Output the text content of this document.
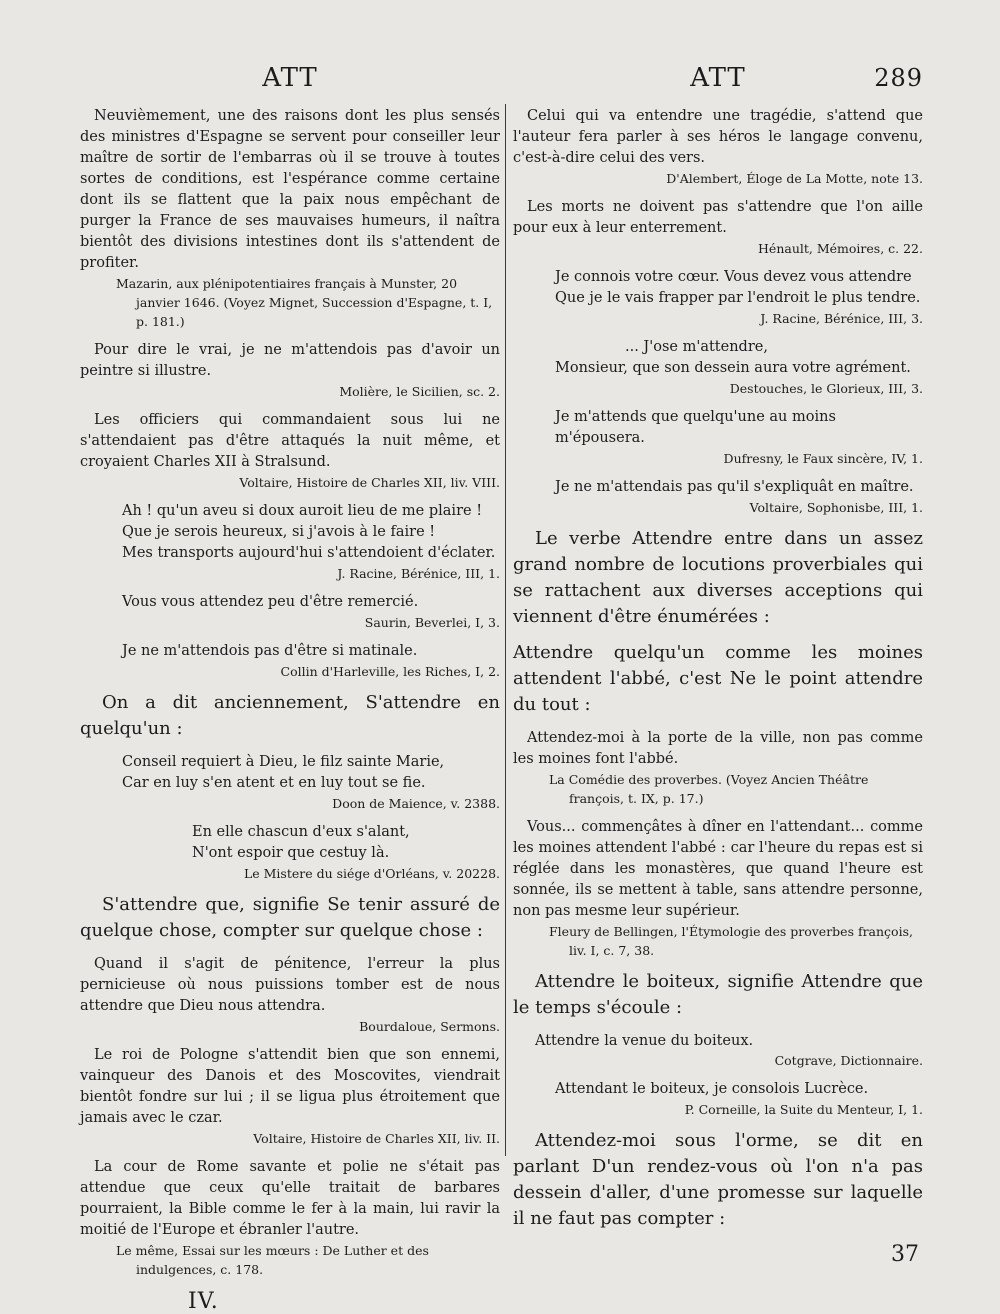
ATT

Neuvièmement, une des raisons dont les plus sensés des ministres d'Espagne se servent pour conseiller leur maître de sortir de l'embarras où il se trouve à toutes sortes de conditions, est l'espérance comme certaine dont ils se flattent que la paix nous empêchant de purger la France de ses mauvaises humeurs, il naîtra bientôt des divisions intestines dont ils s'attendent de profiter.

Mazarin, aux plénipotentiaires français à Munster, 20 janvier 1646. (Voyez Mignet, Succession d'Espagne, t. I, p. 181.)

Pour dire le vrai, je ne m'attendois pas d'avoir un peintre si illustre.

Molière, le Sicilien, sc. 2.

Les officiers qui commandaient sous lui ne s'attendaient pas d'être attaqués la nuit même, et croyaient Charles XII à Stralsund.

Voltaire, Histoire de Charles XII, liv. VIII.

Ah ! qu'un aveu si doux auroit lieu de me plaire !
Que je serois heureux, si j'avois à le faire !
Mes transports aujourd'hui s'attendoient d'éclater.

J. Racine, Bérénice, III, 1.

Vous vous attendez peu d'être remercié.

Saurin, Beverlei, I, 3.

Je ne m'attendois pas d'être si matinale.

Collin d'Harleville, les Riches, I, 2.

On a dit anciennement, S'attendre en quelqu'un :

Conseil requiert à Dieu, le filz sainte Marie,
Car en luy s'en atent et en luy tout se fie.

Doon de Maience, v. 2388.

En elle chascun d'eux s'alant,
N'ont espoir que cestuy là.

Le Mistere du siége d'Orléans, v. 20228.

S'attendre que, signifie Se tenir assuré de quelque chose, compter sur quelque chose :

Quand il s'agit de pénitence, l'erreur la plus pernicieuse où nous puissions tomber est de nous attendre que Dieu nous attendra.

Bourdaloue, Sermons.

Le roi de Pologne s'attendit bien que son ennemi, vainqueur des Danois et des Moscovites, viendrait bientôt fondre sur lui ; il se ligua plus étroitement que jamais avec le czar.

Voltaire, Histoire de Charles XII, liv. II.

La cour de Rome savante et polie ne s'était pas attendue que ceux qu'elle traitait de barbares pourraient, la Bible comme le fer à la main, lui ravir la moitié de l'Europe et ébranler l'autre.

Le même, Essai sur les mœurs : De Luther et des indulgences, c. 178.

IV.
ATT	289

Celui qui va entendre une tragédie, s'attend que l'auteur fera parler à ses héros le langage convenu, c'est-à-dire celui des vers.

D'Alembert, Éloge de La Motte, note 13.

Les morts ne doivent pas s'attendre que l'on aille pour eux à leur enterrement.

Hénault, Mémoires, c. 22.

Je connois votre cœur. Vous devez vous attendre
Que je le vais frapper par l'endroit le plus tendre.

J. Racine, Bérénice, III, 3.

... J'ose m'attendre,
Monsieur, que son dessein aura votre agrément.

Destouches, le Glorieux, III, 3.

Je m'attends que quelqu'une au moins m'épousera.

Dufresny, le Faux sincère, IV, 1.

Je ne m'attendais pas qu'il s'expliquât en maître.

Voltaire, Sophonisbe, III, 1.

Le verbe Attendre entre dans un assez grand nombre de locutions proverbiales qui se rattachent aux diverses acceptions qui viennent d'être énumérées :

Attendre quelqu'un comme les moines attendent l'abbé, c'est Ne le point attendre du tout :

Attendez-moi à la porte de la ville, non pas comme les moines font l'abbé.

La Comédie des proverbes. (Voyez Ancien Théâtre françois, t. IX, p. 17.)

Vous... commençâtes à dîner en l'attendant... comme les moines attendent l'abbé : car l'heure du repas est si réglée dans les monastères, que quand l'heure est sonnée, ils se mettent à table, sans attendre personne, non pas mesme leur supérieur.

Fleury de Bellingen, l'Étymologie des proverbes françois, liv. I, c. 7, 38.

Attendre le boiteux, signifie Attendre que le temps s'écoule :

Attendre la venue du boiteux.

Cotgrave, Dictionnaire.

Attendant le boiteux, je consolois Lucrèce.

P. Corneille, la Suite du Menteur, I, 1.

Attendez-moi sous l'orme, se dit en parlant D'un rendez-vous où l'on n'a pas dessein d'aller, d'une promesse sur laquelle il ne faut pas compter :

37
